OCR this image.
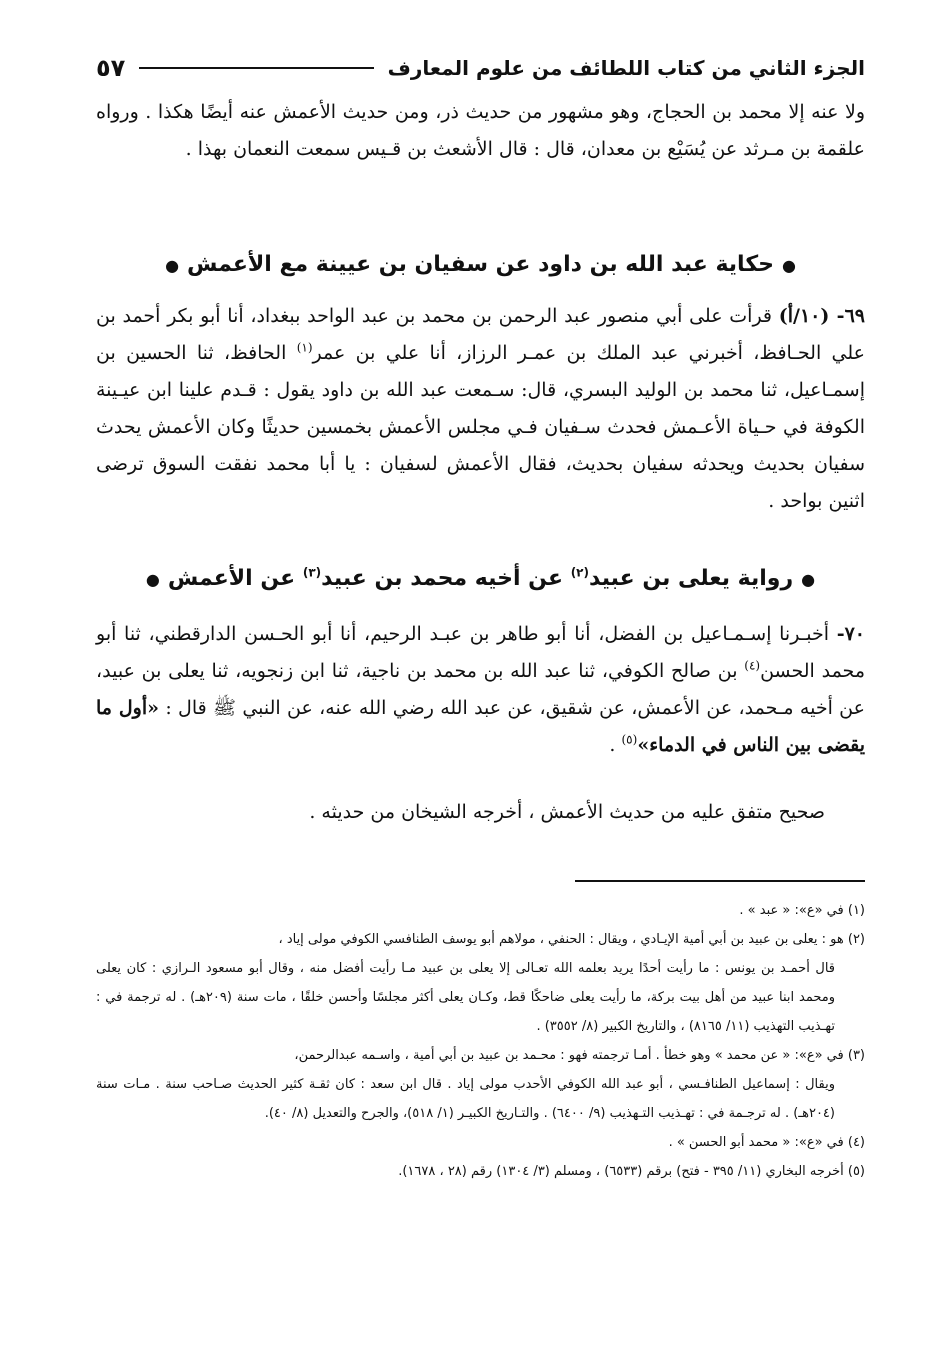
الجزء الثاني من كتاب اللطائف من علوم المعارف
٥٧
ولا عنه إلا محمد بن الحجاج، وهو مشهور من حديث ذر، ومن حديث الأعمش عنه أيضًا هكذا . ورواه علقمة بن مـرثد عن يُسَيْع بن معدان، قال : قال الأشعث بن قـيس سمعت النعمان بهذا .
●حكاية عبد الله بن داود عن سفيان بن عيينة مع الأعمش●
٦٩- (١٠/أ) قرأت على أبي منصور عبد الرحمن بن محمد بن عبد الواحد ببغداد، أنا أبو بكر أحمد بن علي الحـافظ، أخبرني عبد الملك بن عمـر الرزاز، أنا علي بن عمر$^{(١)}$ الحافظ، ثنا الحسين بن إسمـاعيل، ثنا محمد بن الوليد البسري، قال: سـمعت عبد الله بن داود يقول : قـدم علينا ابن عيـينة الكوفة في حـياة الأعـمش فحدث سـفيان فـي مجلس الأعمش بخمسين حديثًا وكان الأعمش يحدث سفيان بحديث ويحدثه سفيان بحديث، فقال الأعمش لسفيان : يا أبا محمد نفقت السوق ترضى اثنين بواحد .
●رواية يعلى بن عبيد$^{(٢)}$ عن أخيه محمد بن عبيد$^{(٣)}$ عن الأعمش●
٧٠- أخبـرنا إسـمـاعيل بن الفضل، أنا أبو طاهر بن عبـد الرحيم، أنا أبو الحـسن الدارقطني، ثنا أبو محمد الحسن$^{(٤)}$ بن صالح الكوفي، ثنا عبد الله بن محمد بن ناجية، ثنا ابن زنجويه، ثنا يعلى بن عبيد، عن أخيه مـحمد، عن الأعمش، عن شقيق، عن عبد الله رضي الله عنه، عن النبي ﷺ قال : «أول ما يقضى بين الناس في الدماء»$^{(٥)}$ .
صحيح متفق عليه من حديث الأعمش ، أخرجه الشيخان من حديثه .
(١) في «ع»: « عبد » .
(٢) هو : يعلى بن عبيد بن أبي أمية الإيـادي ، ويقال : الحنفي ، مولاهم أبو يوسف الطنافسي الكوفي مولى إياد ،
قال أحمـد بن يونس : ما رأيت أحدًا يريد بعلمه الله تعـالى إلا يعلى بن عبيد مـا رأيت أفضل منه ، وقال أبو مسعود الـرازي : كان يعلى ومحمد ابنا عبيد من أهل بيت بركة، ما رأيت يعلى ضاحكًا قط، وكـان يعلى أكثر مجلسًا وأحسن خلقًا ، مات سنة (٢٠٩هـ) . له ترجمة في : تهـذيب التهذيب (١١/ ٨١٦٥) ، والتاريخ الكبير (٨/ ٣٥٥٢) .
(٣) في «ع»: « عن محمد » وهو خطأ . أمـا ترجمته فهو : محـمد بن عبيد بن أبي أمية ، واسـمه عبدالرحمن،
ويقال : إسماعيل الطنافـسي ، أبو عبد الله الكوفي الأحدب مولى إياد . قال ابن سعد : كان ثقـة كثير الحديث صـاحب سنة . مـات سنة (٢٠٤هـ) . له ترجـمة في : تهـذيب التـهذيب (٩/ ٦٤٠٠) . والتـاريخ الكبيـر (١/ ٥١٨)، والجرح والتعديل (٨/ ٤٠).
(٤) في «ع»: « محمد أبو الحسن » .
(٥) أخرجه البخاري (١١/ ٣٩٥ - فتح) برقم (٦٥٣٣) ، ومسلم (٣/ ١٣٠٤) رقم (٢٨ ، ١٦٧٨).
